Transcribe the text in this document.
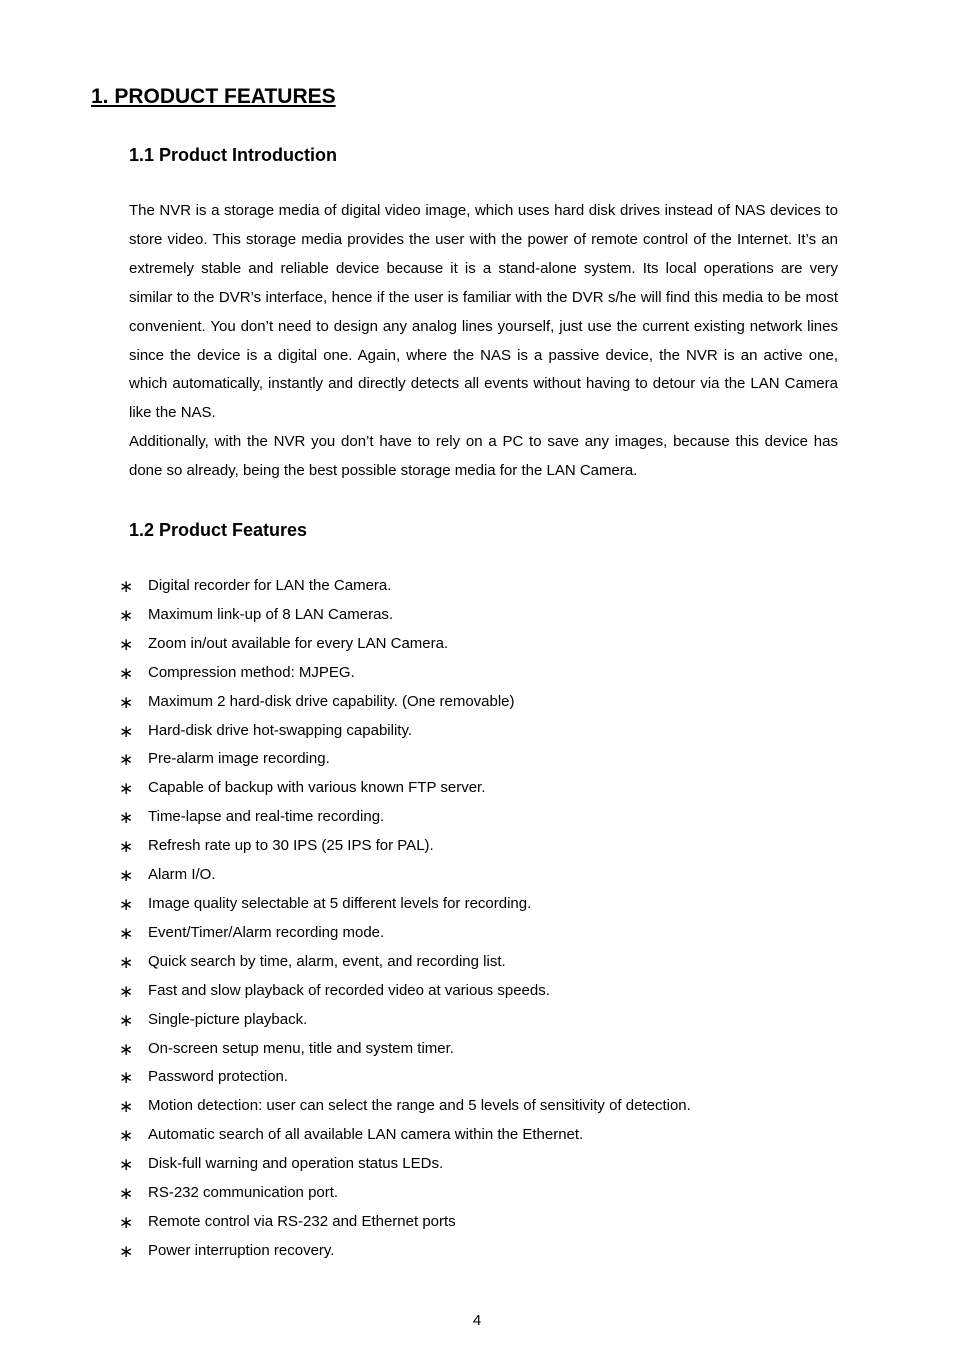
1. PRODUCT FEATURES
1.1 Product Introduction

The NVR is a storage media of digital video image, which uses hard disk drives instead of NAS devices to store video. This storage media provides the user with the power of remote control of the Internet. It’s an extremely stable and reliable device because it is a stand-alone system. Its local operations are very similar to the DVR’s interface, hence if the user is familiar with the DVR s/he will find this media to be most convenient. You don’t need to design any analog lines yourself, just use the current existing network lines since the device is a digital one. Again, where the NAS is a passive device, the NVR is an active one, which automatically, instantly and directly detects all events without having to detour via the LAN Camera like the NAS.

Additionally, with the NVR you don’t have to rely on a PC to save any images, because this device has done so already, being the best possible storage media for the LAN Camera.

1.2 Product Features
∗ Digital recorder for LAN the Camera.
∗ Maximum link-up of 8 LAN Cameras.
∗ Zoom in/out available for every LAN Camera.
∗ Compression method: MJPEG.
∗ Maximum 2 hard-disk drive capability. (One removable)
∗ Hard-disk drive hot-swapping capability.
∗ Pre-alarm image recording.
∗ Capable of backup with various known FTP server.
∗ Time-lapse and real-time recording.
∗ Refresh rate up to 30 IPS (25 IPS for PAL).
∗ Alarm I/O.
∗ Image quality selectable at 5 different levels for recording.
∗ Event/Timer/Alarm recording mode.
∗ Quick search by time, alarm, event, and recording list.
∗ Fast and slow playback of recorded video at various speeds.
∗ Single-picture playback.
∗ On-screen setup menu, title and system timer.
∗ Password protection.
∗ Motion detection: user can select the range and 5 levels of sensitivity of detection.
∗ Automatic search of all available LAN camera within the Ethernet.
∗ Disk-full warning and operation status LEDs.
∗ RS-232 communication port.
∗ Remote control via RS-232 and Ethernet ports
∗ Power interruption recovery.
4
